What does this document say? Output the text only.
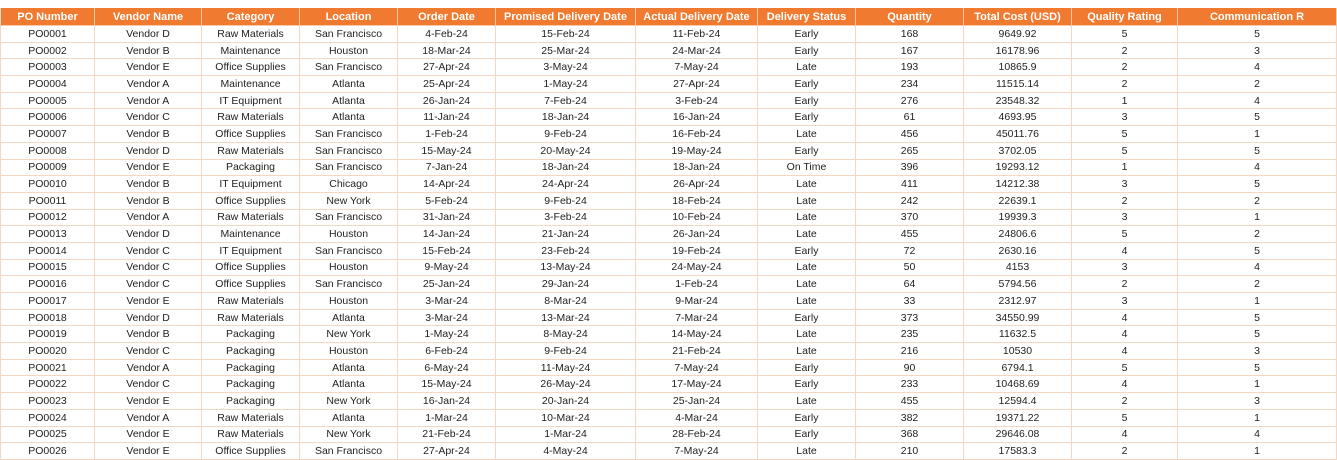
PO Number	Vendor Name	Category	Location	Order Date	Promised Delivery Date	Actual Delivery Date	Delivery Status	Quantity	Total Cost (USD)	Quality Rating	Communication R
PO0001	Vendor D	Raw Materials	San Francisco	4-Feb-24	15-Feb-24	11-Feb-24	Early	168	9649.92	5	5
PO0002	Vendor B	Maintenance	Houston	18-Mar-24	25-Mar-24	24-Mar-24	Early	167	16178.96	2	3
PO0003	Vendor E	Office Supplies	San Francisco	27-Apr-24	3-May-24	7-May-24	Late	193	10865.9	2	4
PO0004	Vendor A	Maintenance	Atlanta	25-Apr-24	1-May-24	27-Apr-24	Early	234	11515.14	2	2
PO0005	Vendor A	IT Equipment	Atlanta	26-Jan-24	7-Feb-24	3-Feb-24	Early	276	23548.32	1	4
PO0006	Vendor C	Raw Materials	Atlanta	11-Jan-24	18-Jan-24	16-Jan-24	Early	61	4693.95	3	5
PO0007	Vendor B	Office Supplies	San Francisco	1-Feb-24	9-Feb-24	16-Feb-24	Late	456	45011.76	5	1
PO0008	Vendor D	Raw Materials	San Francisco	15-May-24	20-May-24	19-May-24	Early	265	3702.05	5	5
PO0009	Vendor E	Packaging	San Francisco	7-Jan-24	18-Jan-24	18-Jan-24	On Time	396	19293.12	1	4
PO0010	Vendor B	IT Equipment	Chicago	14-Apr-24	24-Apr-24	26-Apr-24	Late	411	14212.38	3	5
PO0011	Vendor B	Office Supplies	New York	5-Feb-24	9-Feb-24	18-Feb-24	Late	242	22639.1	2	2
PO0012	Vendor A	Raw Materials	San Francisco	31-Jan-24	3-Feb-24	10-Feb-24	Late	370	19939.3	3	1
PO0013	Vendor D	Maintenance	Houston	14-Jan-24	21-Jan-24	26-Jan-24	Late	455	24806.6	5	2
PO0014	Vendor C	IT Equipment	San Francisco	15-Feb-24	23-Feb-24	19-Feb-24	Early	72	2630.16	4	5
PO0015	Vendor C	Office Supplies	Houston	9-May-24	13-May-24	24-May-24	Late	50	4153	3	4
PO0016	Vendor C	Office Supplies	San Francisco	25-Jan-24	29-Jan-24	1-Feb-24	Late	64	5794.56	2	2
PO0017	Vendor E	Raw Materials	Houston	3-Mar-24	8-Mar-24	9-Mar-24	Late	33	2312.97	3	1
PO0018	Vendor D	Raw Materials	Atlanta	3-Mar-24	13-Mar-24	7-Mar-24	Early	373	34550.99	4	5
PO0019	Vendor B	Packaging	New York	1-May-24	8-May-24	14-May-24	Late	235	11632.5	4	5
PO0020	Vendor C	Packaging	Houston	6-Feb-24	9-Feb-24	21-Feb-24	Late	216	10530	4	3
PO0021	Vendor A	Packaging	Atlanta	6-May-24	11-May-24	7-May-24	Early	90	6794.1	5	5
PO0022	Vendor C	Packaging	Atlanta	15-May-24	26-May-24	17-May-24	Early	233	10468.69	4	1
PO0023	Vendor E	Packaging	New York	16-Jan-24	20-Jan-24	25-Jan-24	Late	455	12594.4	2	3
PO0024	Vendor A	Raw Materials	Atlanta	1-Mar-24	10-Mar-24	4-Mar-24	Early	382	19371.22	5	1
PO0025	Vendor E	Raw Materials	New York	21-Feb-24	1-Mar-24	28-Feb-24	Early	368	29646.08	4	4
PO0026	Vendor E	Office Supplies	San Francisco	27-Apr-24	4-May-24	7-May-24	Late	210	17583.3	2	1
